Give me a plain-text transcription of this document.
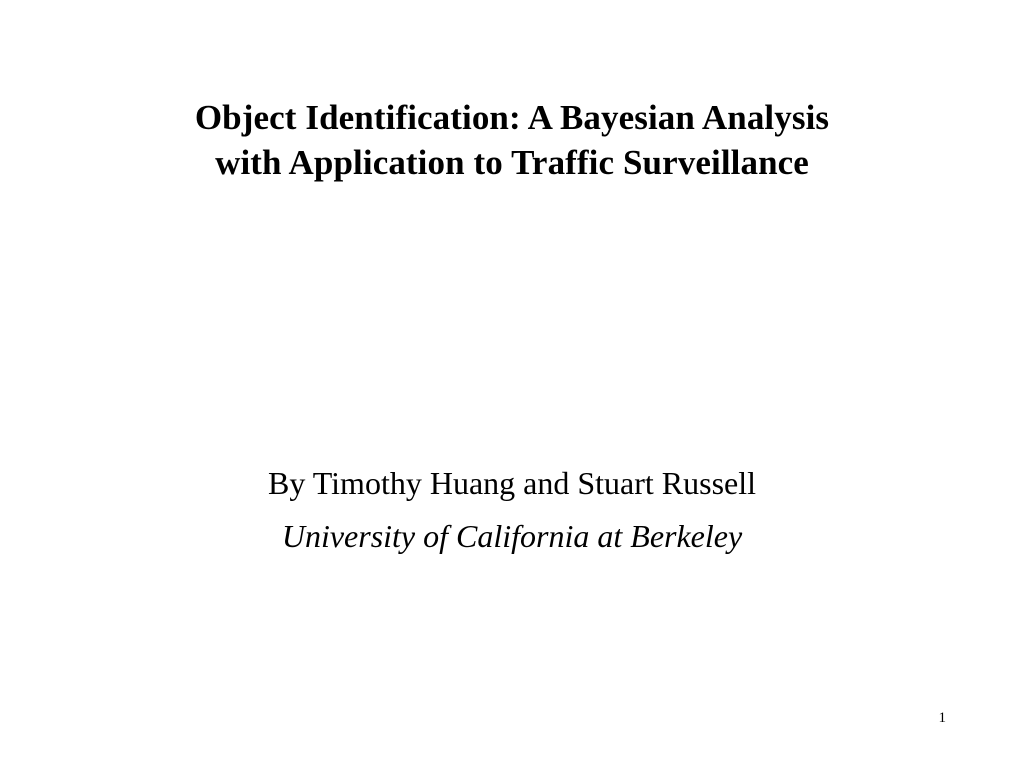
Object Identification: A Bayesian Analysis
with Application to Traffic Surveillance
By Timothy Huang and Stuart Russell
University of California at Berkeley
1
